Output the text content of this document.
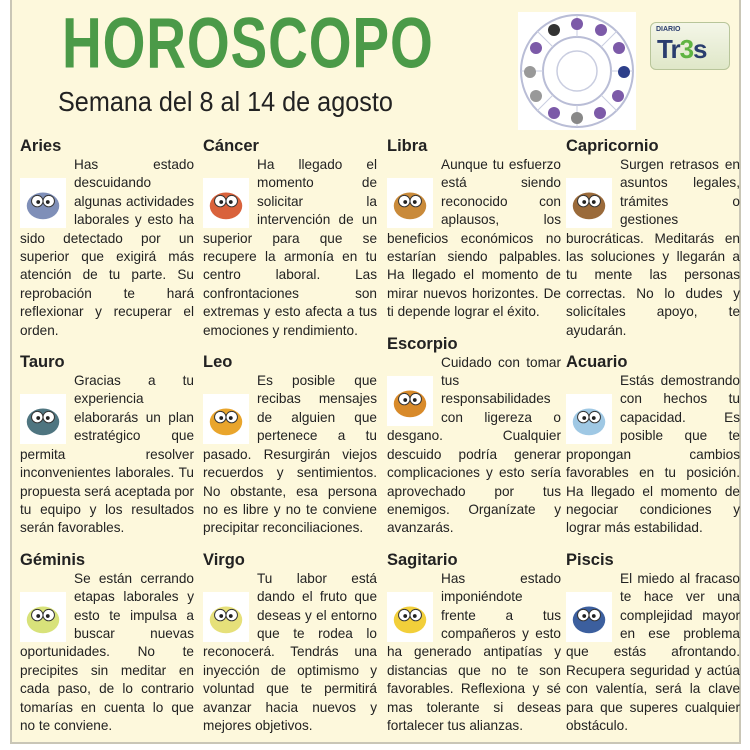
HOROSCOPO
Semana del 8 al 14 de agosto
DIARIO
Tr3s
Aries

Has estado descuidando algunas actividades laborales y esto ha sido detectado por un superior que exigirá más atención de tu parte. Su reprobación te hará reflexionar y recuperar el orden.

Tauro

Gracias a tu experiencia elaborarás un plan estratégico que permita resolver inconvenientes laborales. Tu propuesta será aceptada por tu equipo y los resultados serán favorables.

Géminis

Se están cerrando etapas laborales y esto te impulsa a buscar nuevas oportunidades. No te precipites sin meditar en cada paso, de lo contrario tomarías en cuenta lo que no te conviene.

Cáncer

Ha llegado el momento de solicitar la intervención de un superior para que se recupere la armonía en tu centro laboral. Las confrontaciones son extremas y esto afecta a tus emociones y rendimiento.

Leo

Es posible que recibas mensajes de alguien que pertenece a tu pasado. Resurgirán viejos recuerdos y sentimientos. No obstante, esa persona no es libre y no te conviene precipitar reconciliaciones.

Virgo

Tu labor está dando el fruto que deseas y el entorno que te rodea lo reconocerá. Tendrás una inyección de optimismo y voluntad que te permitirá avanzar hacia nuevos y mejores objetivos.

Libra

Aunque tu esfuerzo está siendo reconocido con aplausos, los beneficios económicos no estarían siendo palpables. Ha llegado el momento de mirar nuevos horizontes. De ti depende lograr el éxito.

Escorpio

Cuidado con tomar tus responsabilidades con ligereza o desgano. Cualquier descuido podría generar complicaciones y esto sería aprovechado por tus enemigos. Organízate y avanzarás.

Sagitario

Has estado imponiéndote frente a tus compañeros y esto ha generado antipatías y distancias que no te son favorables. Reflexiona y sé mas tolerante si deseas fortalecer tus alianzas.

Capricornio

Surgen retrasos en asuntos legales, trámites o gestiones burocráticas. Meditarás en las soluciones y llegarán a tu mente las personas correctas. No lo dudes y solicítales apoyo, te ayudarán.

Acuario

Estás demostrando con hechos tu capacidad. Es posible que te propongan cambios favorables en tu posición. Ha llegado el momento de negociar condiciones y lograr más estabilidad.

Piscis

El miedo al fracaso te hace ver una complejidad mayor en ese problema que estás afrontando. Recupera seguridad y actúa con valentía, será la clave para que superes cualquier obstáculo.
